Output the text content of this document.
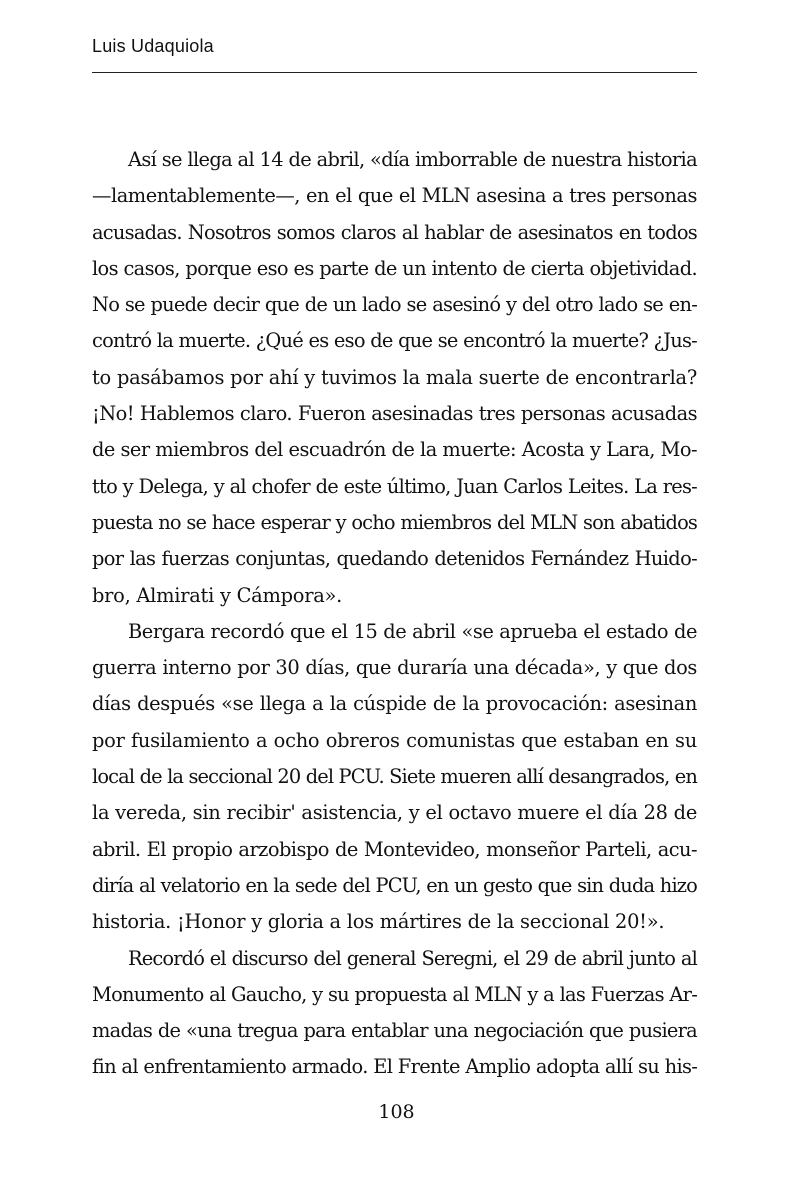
Luis Udaquiola
Así se llega al 14 de abril, «día imborrable de nuestra historia
—lamentablemente—, en el que el MLN asesina a tres personas
acusadas. Nosotros somos claros al hablar de asesinatos en todos
los casos, porque eso es parte de un intento de cierta objetividad.
No se puede decir que de un lado se asesinó y del otro lado se en-
contró la muerte. ¿Qué es eso de que se encontró la muerte? ¿Jus-
to pasábamos por ahí y tuvimos la mala suerte de encontrarla?
¡No! Hablemos claro. Fueron asesinadas tres personas acusadas
de ser miembros del escuadrón de la muerte: Acosta y Lara, Mo-
tto y Delega, y al chofer de este último, Juan Carlos Leites. La res-
puesta no se hace esperar y ocho miembros del MLN son abatidos
por las fuerzas conjuntas, quedando detenidos Fernández Huido-
bro, Almirati y Cámpora».
Bergara recordó que el 15 de abril «se aprueba el estado de
guerra interno por 30 días, que duraría una década», y que dos
días después «se llega a la cúspide de la provocación: asesinan
por fusilamiento a ocho obreros comunistas que estaban en su
local de la seccional 20 del PCU. Siete mueren allí desangrados, en
la vereda, sin recibir' asistencia, y el octavo muere el día 28 de
abril. El propio arzobispo de Montevideo, monseñor Parteli, acu-
diría al velatorio en la sede del PCU, en un gesto que sin duda hizo
historia. ¡Honor y gloria a los mártires de la seccional 20!».
Recordó el discurso del general Seregni, el 29 de abril junto al
Monumento al Gaucho, y su propuesta al MLN y a las Fuerzas Ar-
madas de «una tregua para entablar una negociación que pusiera
fin al enfrentamiento armado. El Frente Amplio adopta allí su his-
108
